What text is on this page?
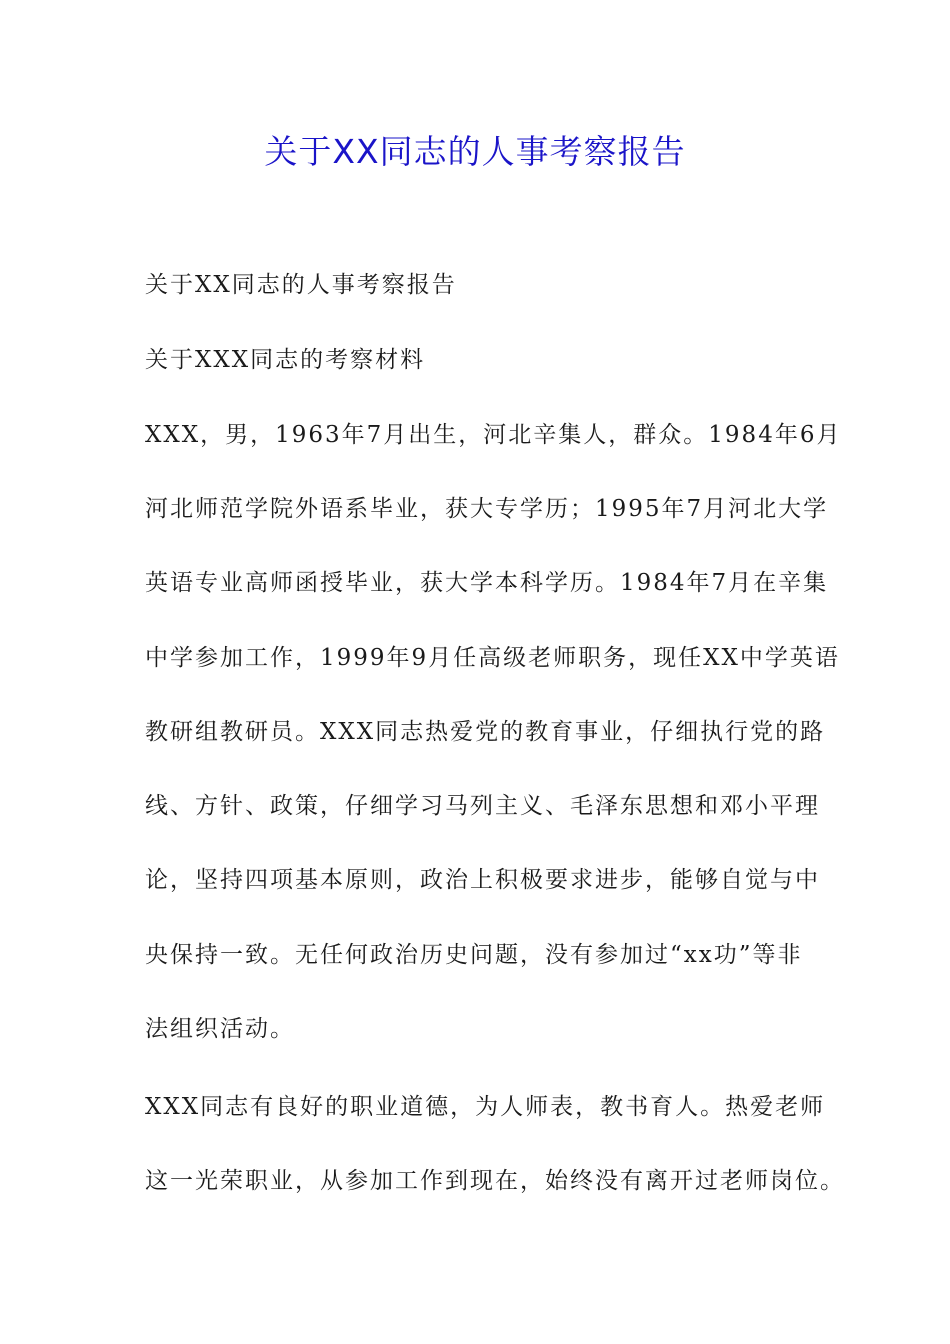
关于XX同志的人事考察报告
关于XX同志的人事考察报告
关于XXX同志的考察材料
XXX，男，1963年7月出生，河北辛集人，群众。1984年6月
河北师范学院外语系毕业，获大专学历；1995年7月河北大学
英语专业高师函授毕业，获大学本科学历。1984年7月在辛集
中学参加工作，1999年9月任高级老师职务，现任XX中学英语
教研组教研员。XXX同志热爱党的教育事业，仔细执行党的路
线、方针、政策，仔细学习马列主义、毛泽东思想和邓小平理
论，坚持四项基本原则，政治上积极要求进步，能够自觉与中
央保持一致。无任何政治历史问题，没有参加过“xx功”等非
法组织活动。
XXX同志有良好的职业道德，为人师表，教书育人。热爱老师
这一光荣职业，从参加工作到现在，始终没有离开过老师岗位。
